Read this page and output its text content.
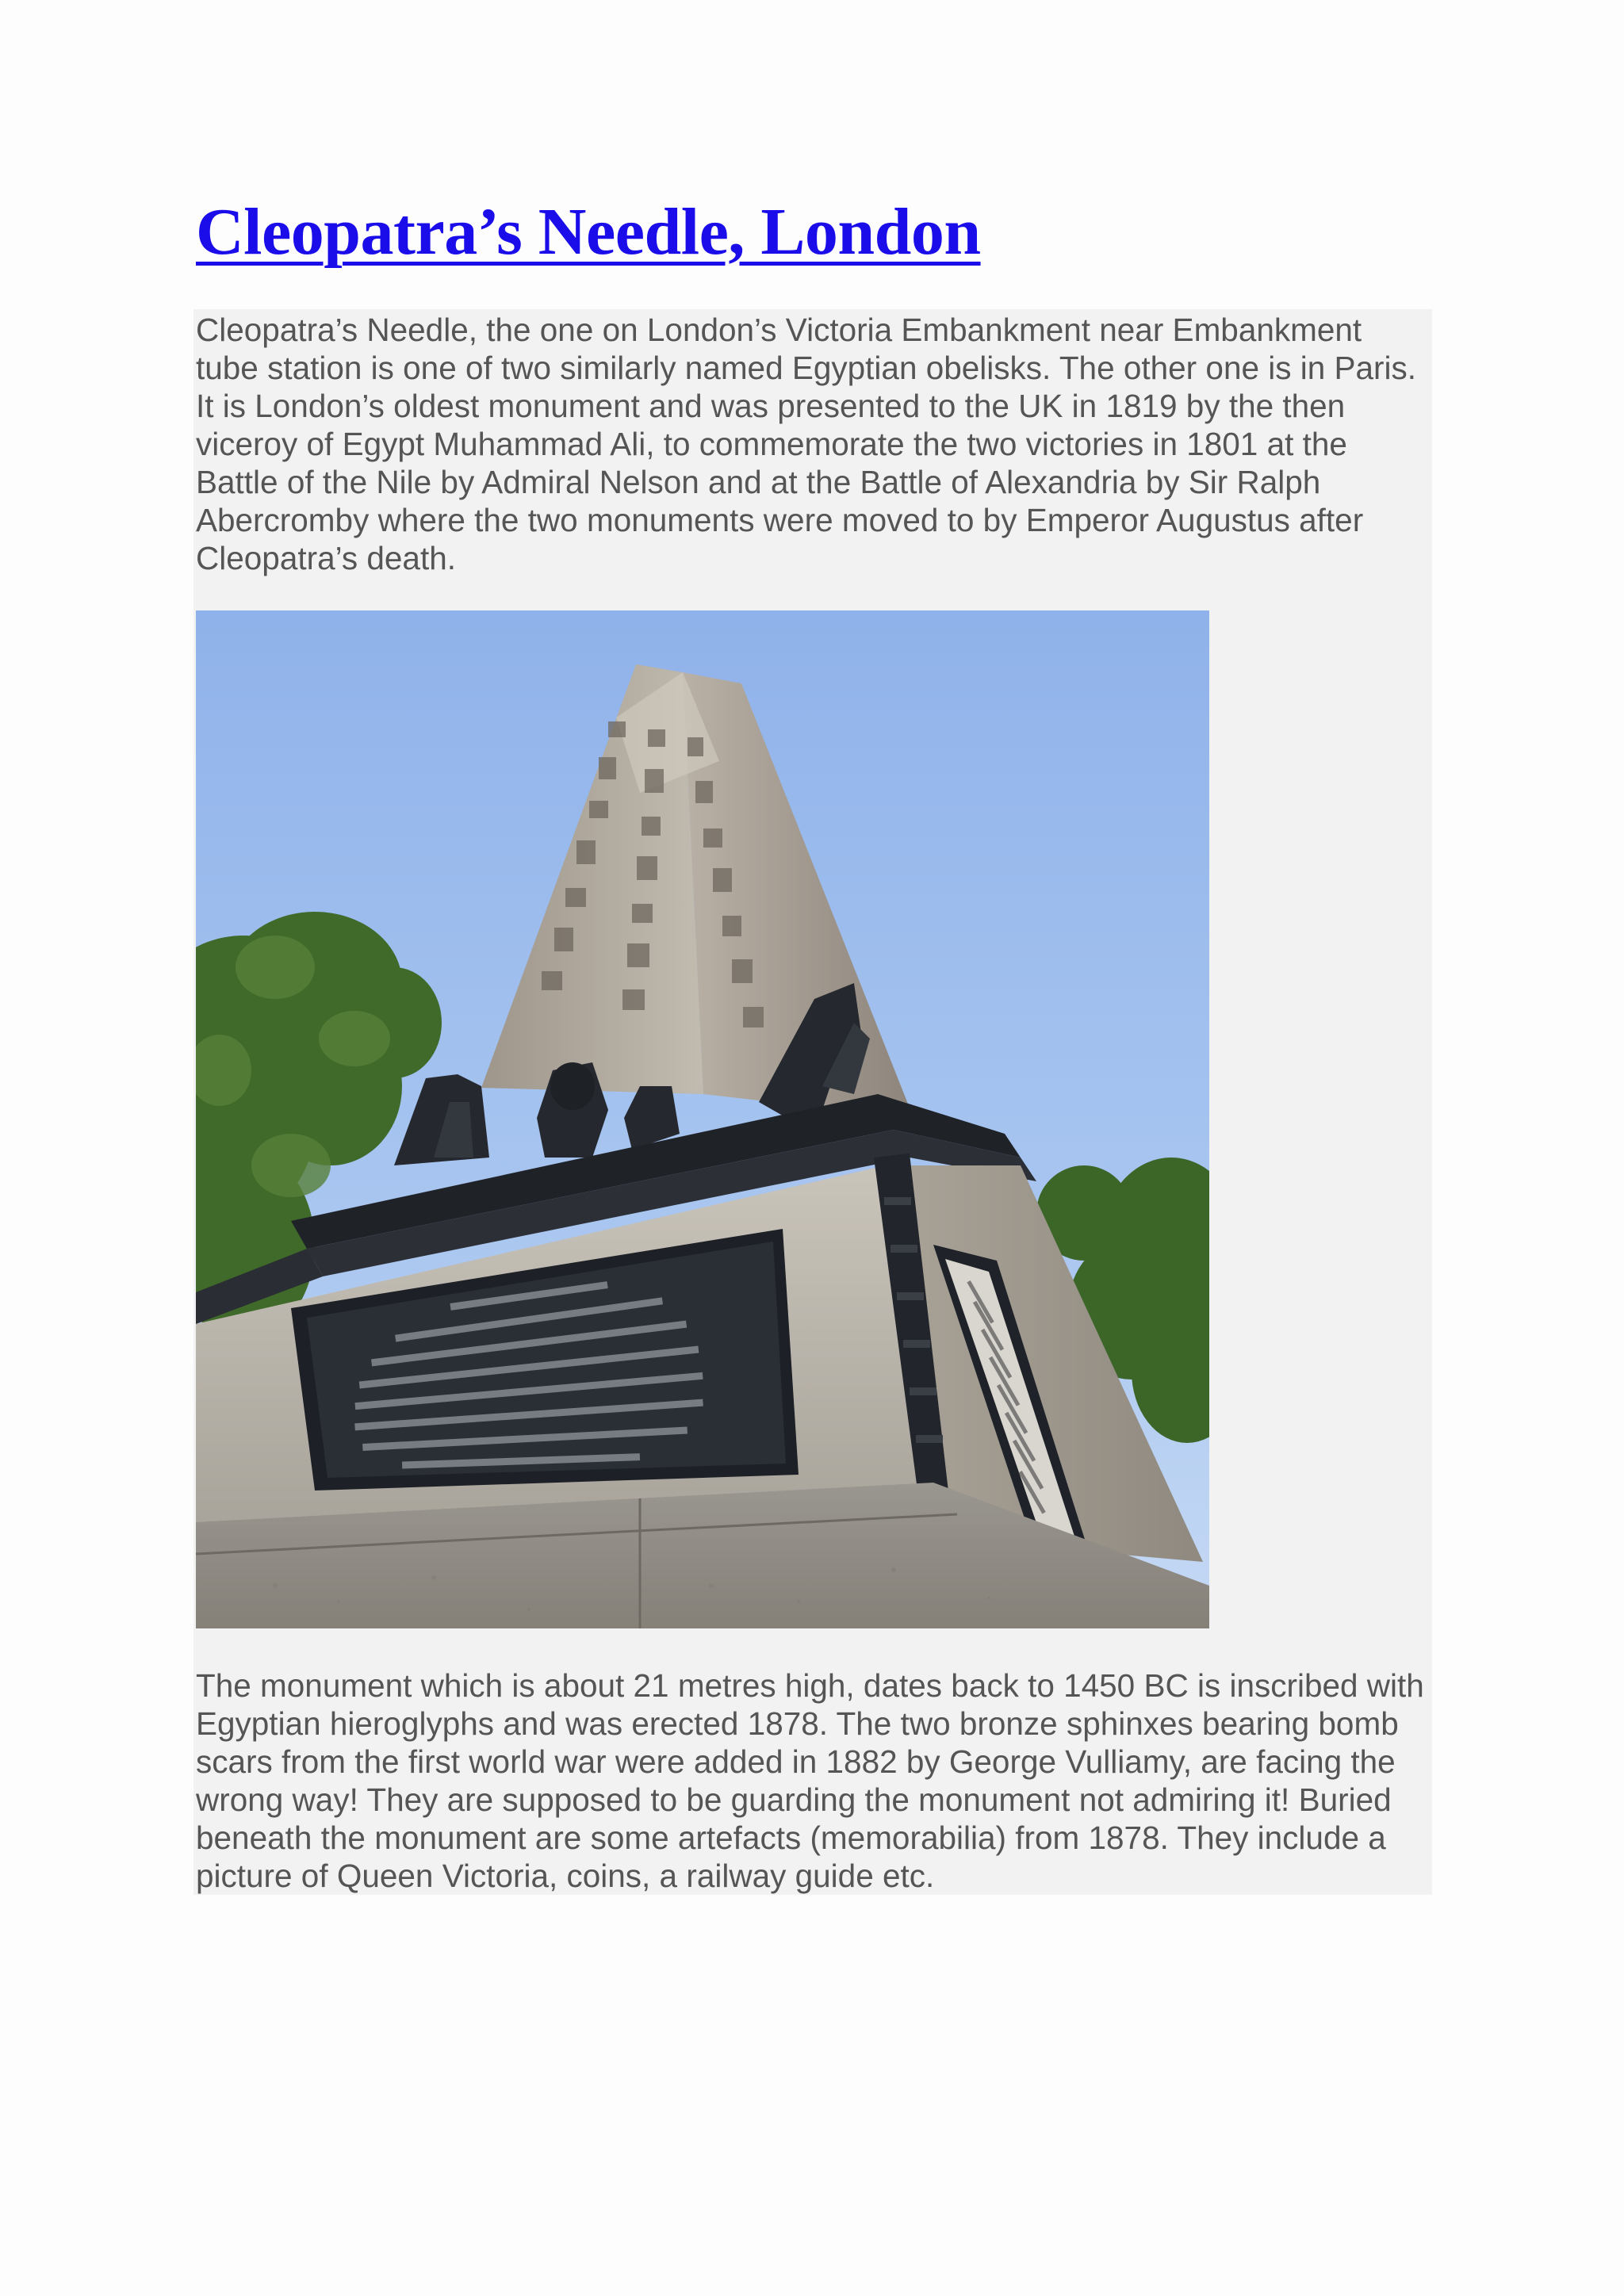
Cleopatra’s Needle, London

Cleopatra’s Needle, the one on London’s Victoria Embankment near Embankment tube station is one of two similarly named Egyptian obelisks. The other one is in Paris. It is London’s oldest monument and was presented to the UK in 1819 by the then viceroy of Egypt Muhammad Ali, to commemorate the two victories in 1801 at the Battle of the Nile by Admiral Nelson and at the Battle of Alexandria by Sir Ralph Abercromby where the two monuments were moved to by Emperor Augustus after Cleopatra’s death.

The monument which is about 21 metres high, dates back to 1450 BC is inscribed with Egyptian hieroglyphs and was erected 1878. The two bronze sphinxes bearing bomb scars from the first world war were added in 1882 by George Vulliamy, are facing the wrong way! They are supposed to be guarding the monument not admiring it! Buried beneath the monument are some artefacts (memorabilia) from 1878. They include a picture of Queen Victoria, coins, a railway guide etc.
